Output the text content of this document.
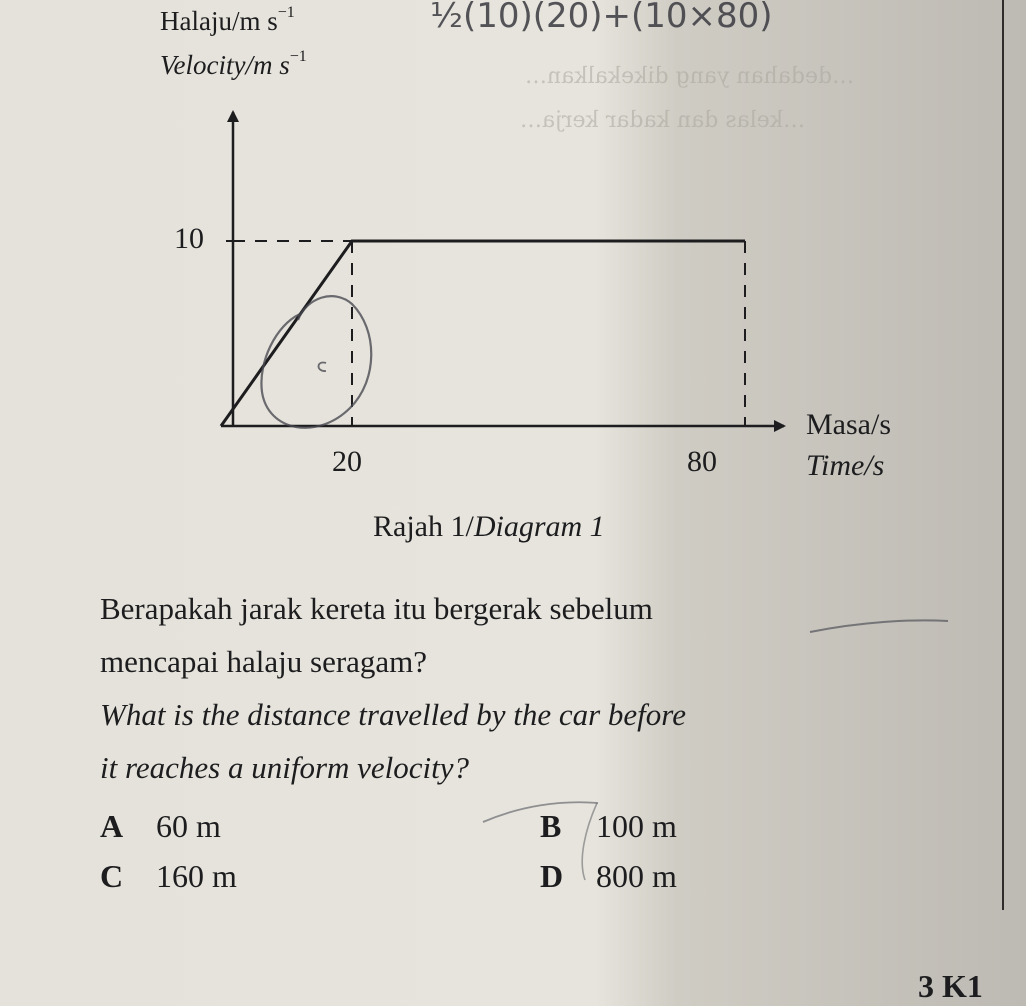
Halaju/m $s^{-1}$
Velocity/m $s^{-1}$
½(10)(20)+(10×80)
…dedahan yang dikekalkan…
…kelas dan kadar kerja…
10
20	80
Masa/s
Time/s
Rajah 1/Diagram 1
Berapakah jarak kereta itu bergerak sebelum
mencapai halaju seragam?
What is the distance travelled by the car before
it reaches a uniform velocity?
A 60 m	B 100 m
C 160 m	D 800 m
3 K1
